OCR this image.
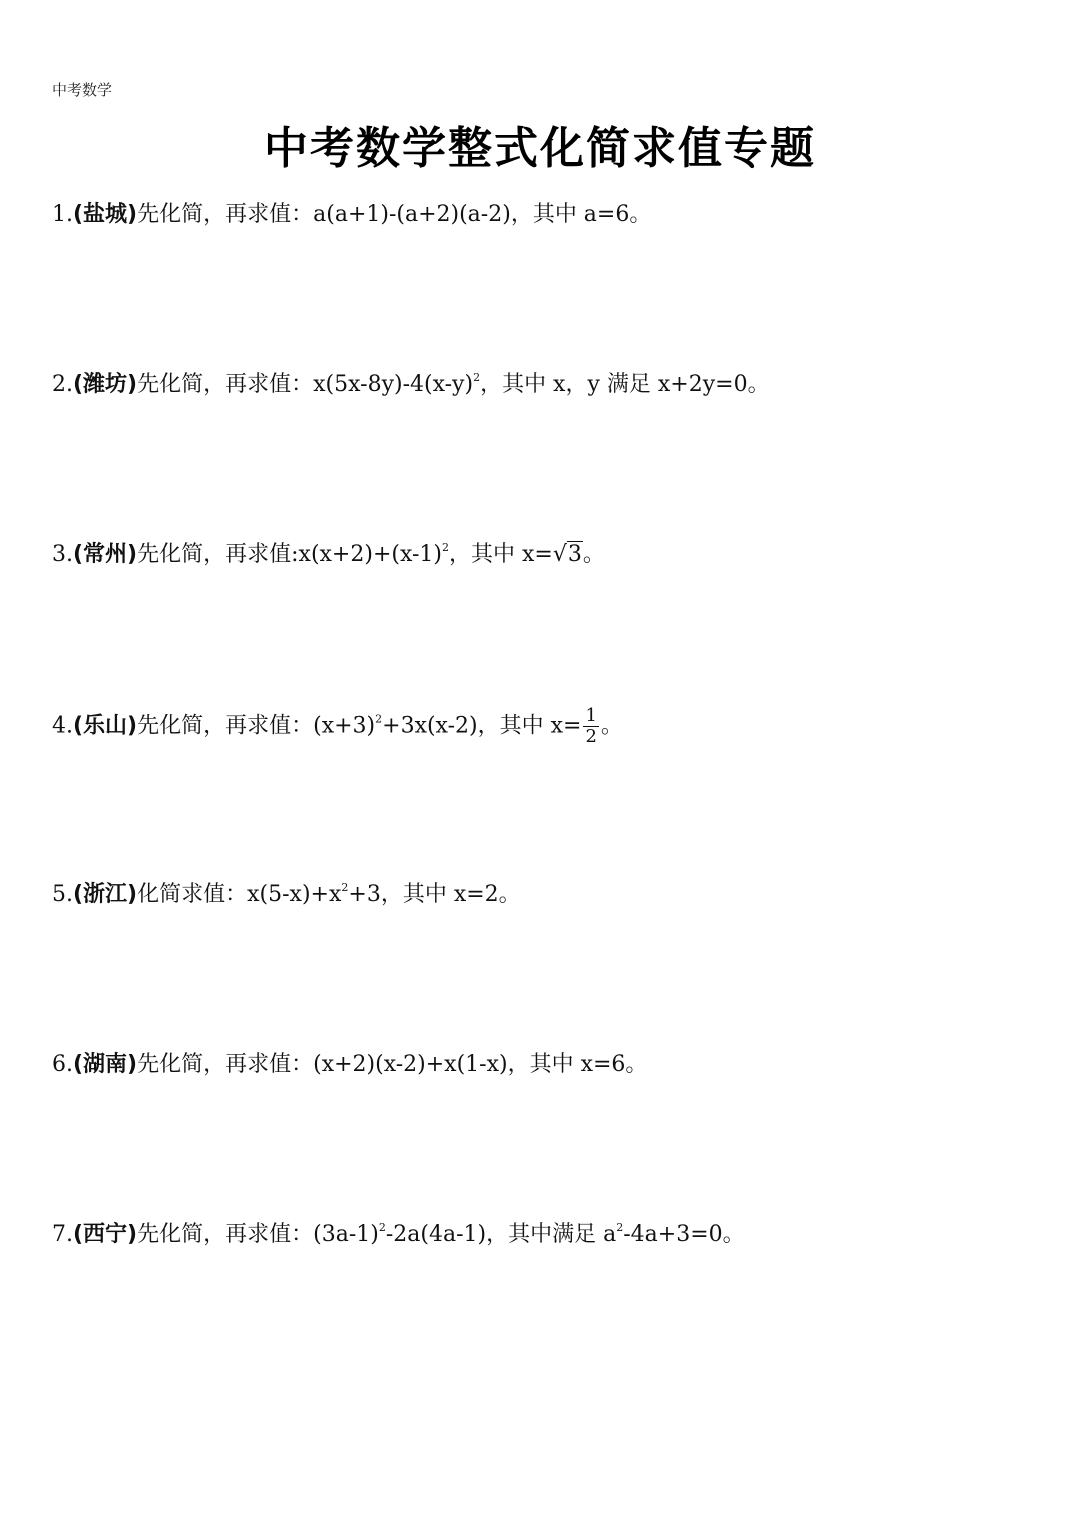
中考数学
中考数学整式化简求值专题
1.(盐城)先化简，再求值：a(a+1)-(a+2)(a-2)，其中 a=6。
2.(潍坊)先化简，再求值：$x(5x-8y)-4(x-y)^2$，其中 x，y 满足 x+2y=0。
3.(常州)先化简，再求值$:x(x+2)+(x-1)^2$，其中 x=√3。
4.(乐山)先化简，再求值：$(x+3)^2+3x(x-2)$，其中 $x= \frac{1}{2}$ 。
5.(浙江)化简求值：$x(5-x)+x^2+3$，其中 x=2。
6.(湖南)先化简，再求值：(x+2)(x-2)+x(1-x)，其中 x=6。
7.(西宁)先化简，再求值：$(3a-1)^2-2a(4a-1)$，其中满足 $a^2-4a+3=0$。
